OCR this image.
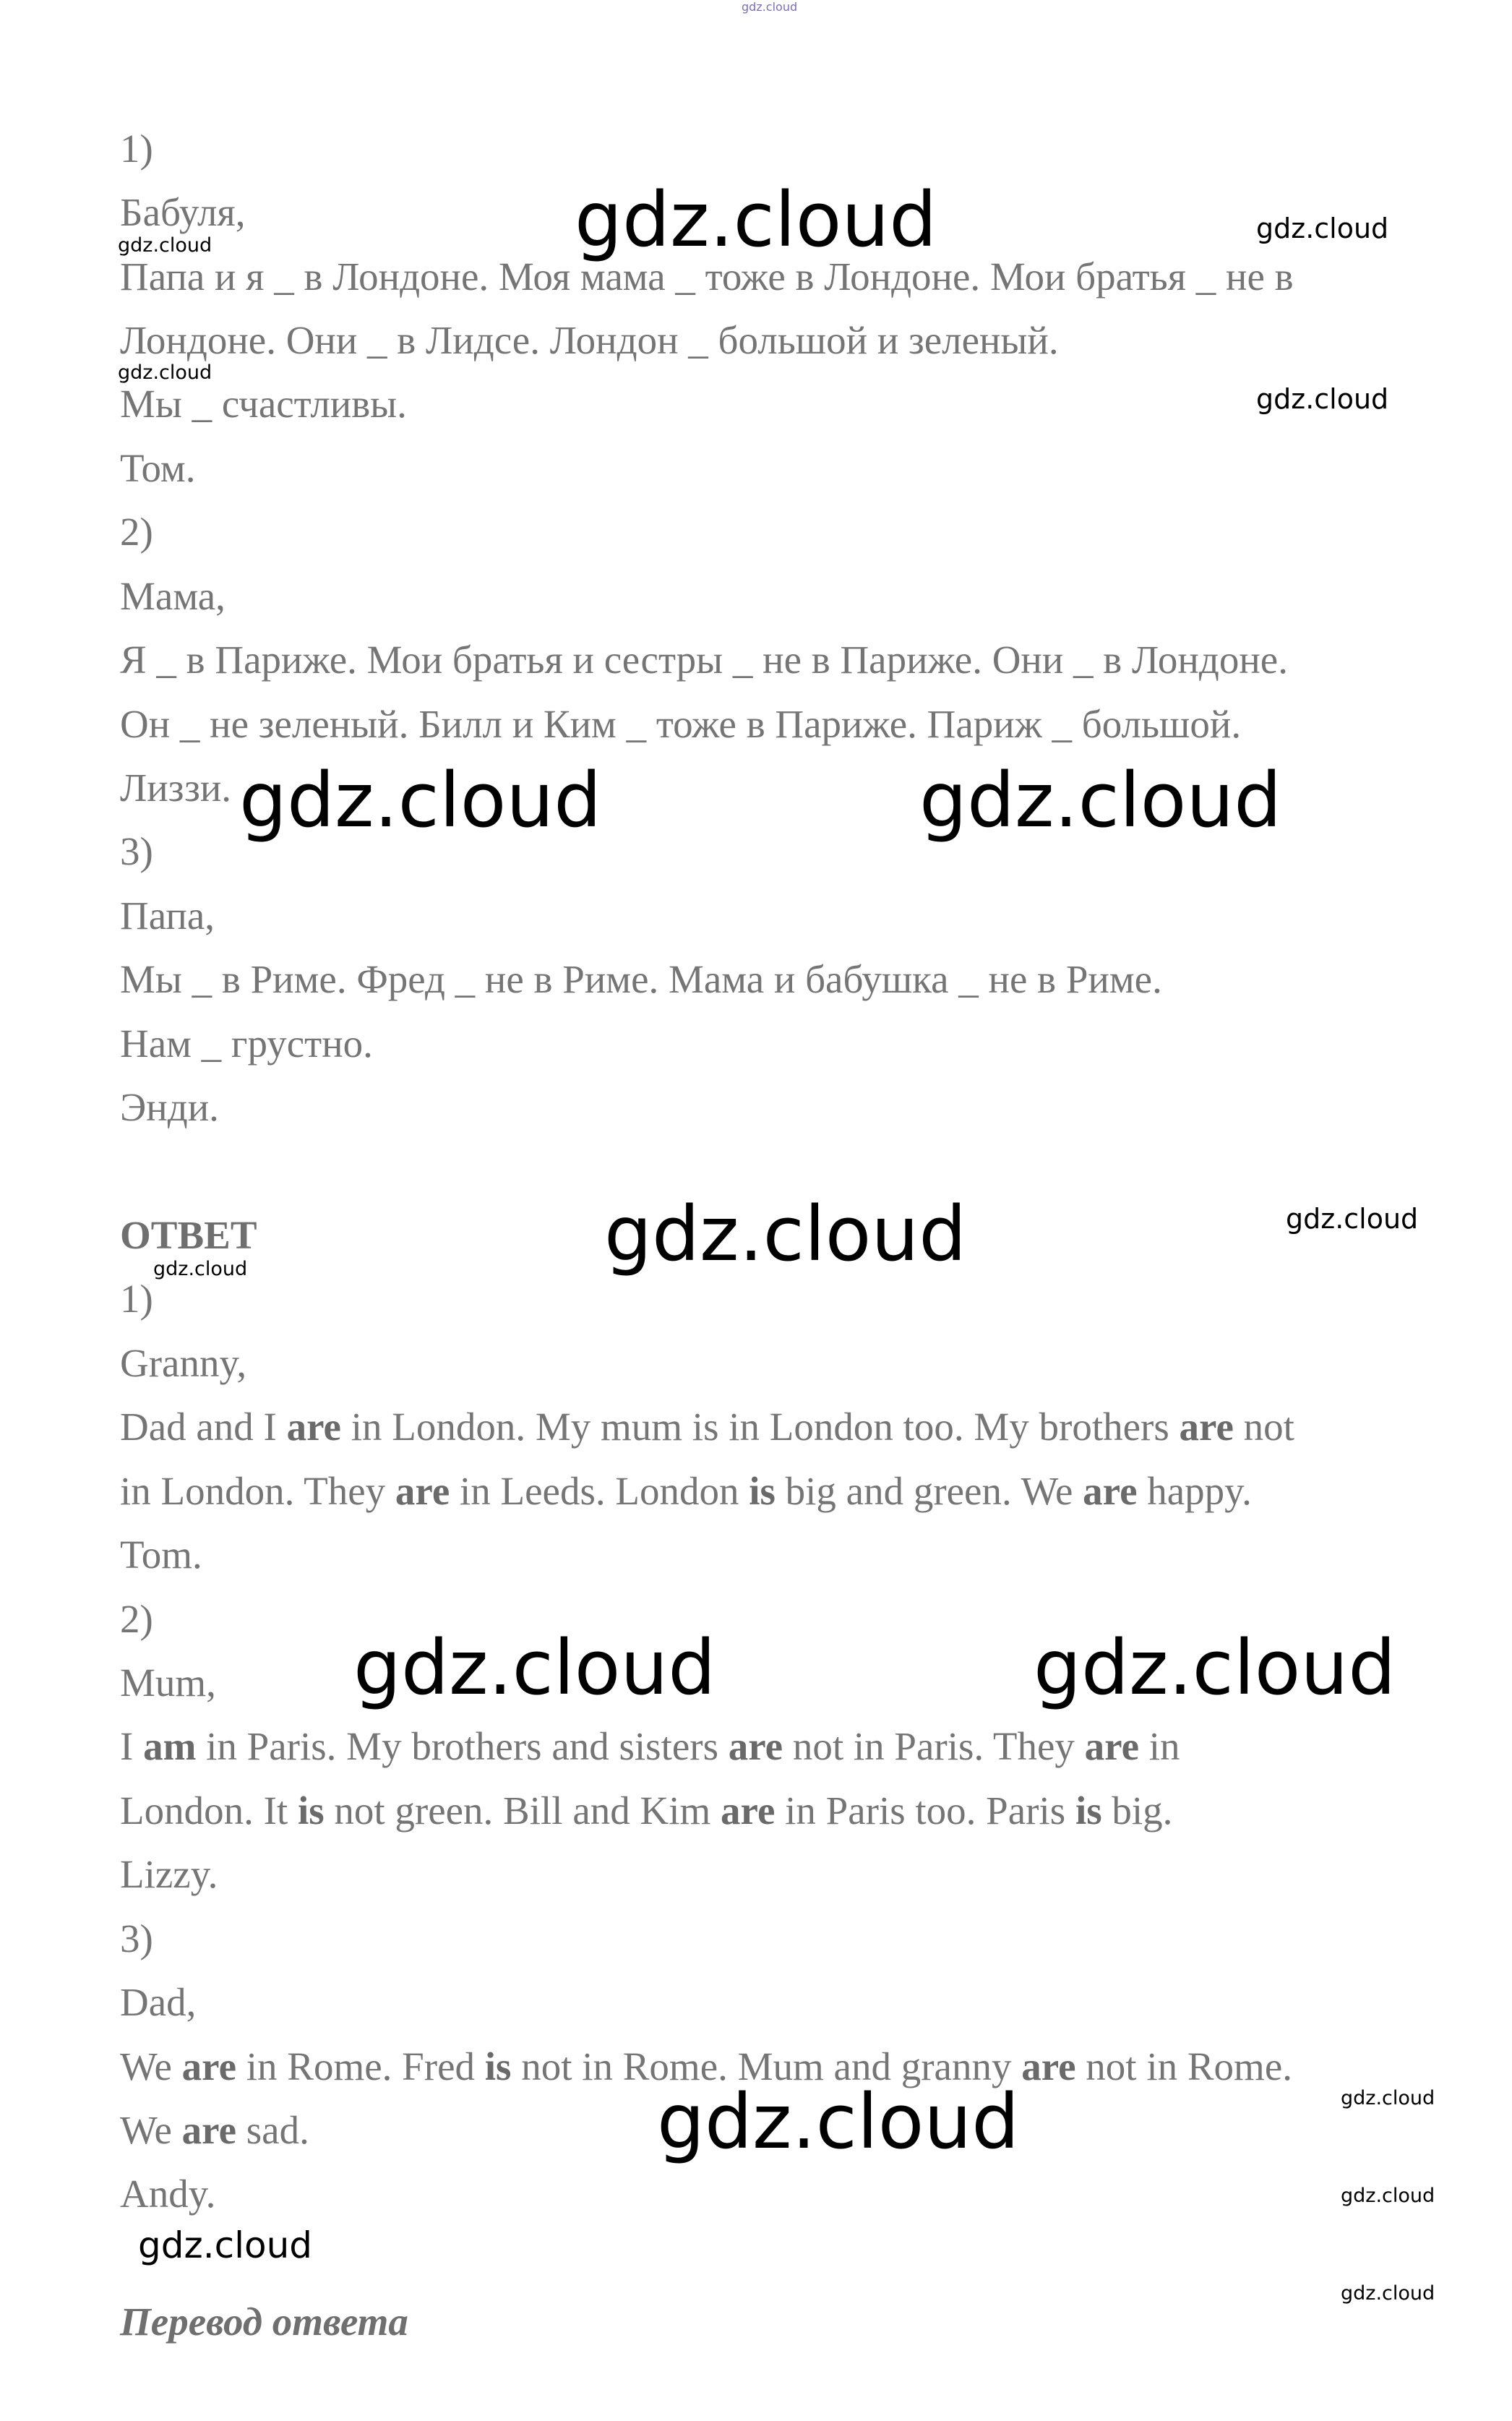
1)
Бабуля,
Папа и я _ в Лондоне. Моя мама _ тоже в Лондоне. Мои братья _ не в
Лондоне. Они _ в Лидсе. Лондон _ большой и зеленый.
Мы _ счастливы.
Том.
2)
Мама,
Я _ в Париже. Мои братья и сестры _ не в Париже. Они _ в Лондоне.
Он _ не зеленый. Билл и Ким _ тоже в Париже. Париж _ большой.
Лиззи.
3)
Папа,
Мы _ в Риме. Фред _ не в Риме. Мама и бабушка _ не в Риме.
Нам _ грустно.
Энди.
ОТВЕТ
1)
Granny,
Dad and I are in London. My mum is in London too. My brothers are not
in London. They are in Leeds. London is big and green. We are happy.
Tom.
2)
Mum,
I am in Paris. My brothers and sisters are not in Paris. They are in
London. It is not green. Bill and Kim are in Paris too. Paris is big.
Lizzy.
3)
Dad,
We are in Rome. Fred is not in Rome. Mum and granny are not in Rome.
We are sad.
Andy.
Перевод ответа
gdz.cloud
gdz.cloud	gdz.cloud
gdz.cloud
gdz.cloud
gdz.cloud
gdz.cloud	gdz.cloud
gdz.cloud	gdz.cloud
gdz.cloud
gdz.cloud	gdz.cloud
gdz.cloud
gdz.cloud
gdz.cloud
gdz.cloud
gdz.cloud
